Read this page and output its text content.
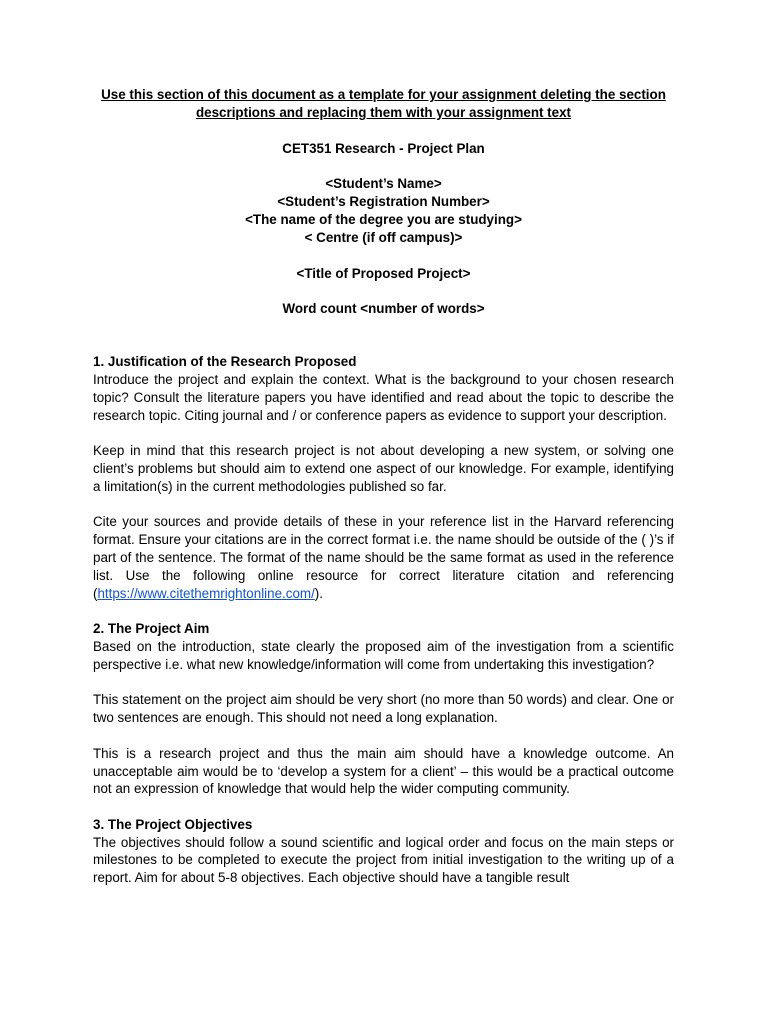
Use this section of this document as a template for your assignment deleting the section
descriptions and replacing them with your assignment text
CET351 Research - Project Plan
<Student’s Name>
<Student’s Registration Number>
<The name of the degree you are studying>
< Centre (if off campus)>
<Title of Proposed Project>
Word count <number of words>
1. Justification of the Research Proposed

Introduce the project and explain the context. What is the background to your chosen research topic? Consult the literature papers you have identified and read about the topic to describe the research topic. Citing journal and / or conference papers as evidence to support your description.

Keep in mind that this research project is not about developing a new system, or solving one client’s problems but should aim to extend one aspect of our knowledge. For example, identifying a limitation(s) in the current methodologies published so far.

Cite your sources and provide details of these in your reference list in the Harvard referencing format. Ensure your citations are in the correct format i.e. the name should be outside of the ( )’s if part of the sentence. The format of the name should be the same format as used in the reference list. Use the following online resource for correct literature citation and referencing (https://www.citethemrightonline.com/).

2. The Project Aim

Based on the introduction, state clearly the proposed aim of the investigation from a scientific perspective i.e. what new knowledge/information will come from undertaking this investigation?

This statement on the project aim should be very short (no more than 50 words) and clear. One or two sentences are enough. This should not need a long explanation.

This is a research project and thus the main aim should have a knowledge outcome. An unacceptable aim would be to ‘develop a system for a client’ – this would be a practical outcome not an expression of knowledge that would help the wider computing community.

3. The Project Objectives

The objectives should follow a sound scientific and logical order and focus on the main steps or milestones to be completed to execute the project from initial investigation to the writing up of a report. Aim for about 5-8 objectives. Each objective should have a tangible result
